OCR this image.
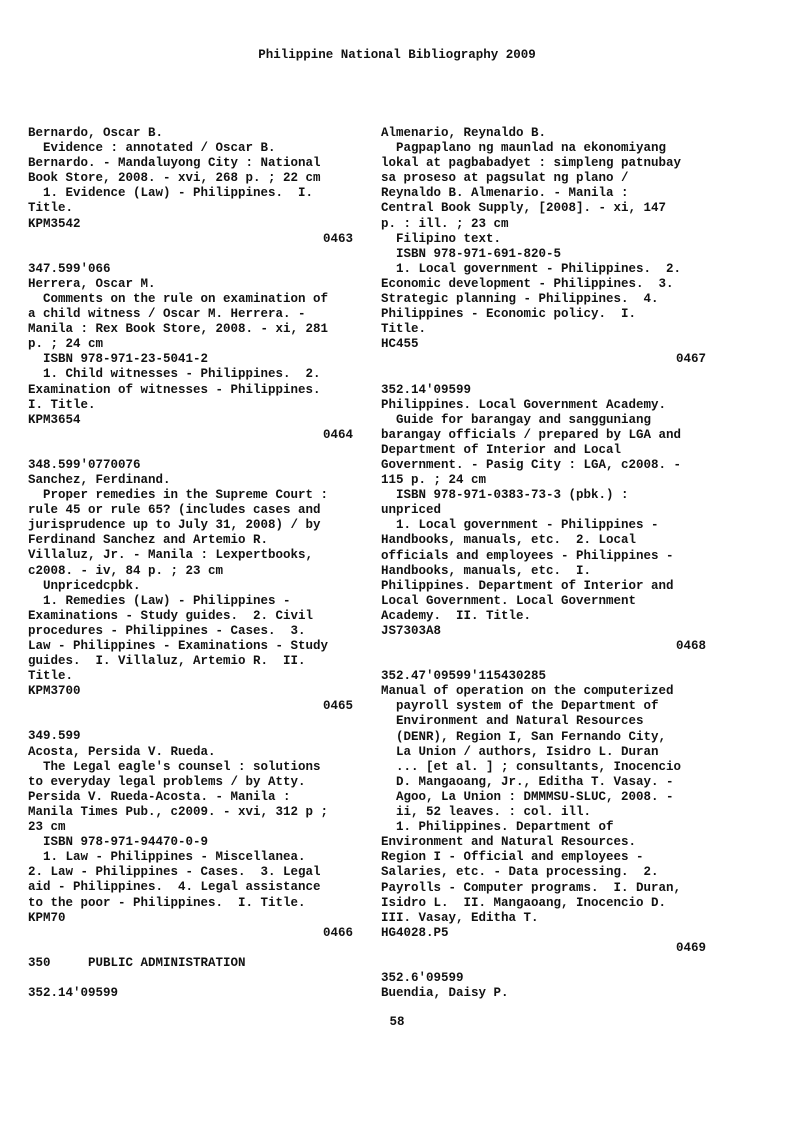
Philippine National Bibliography 2009
Bernardo, Oscar B.
Evidence : annotated / Oscar B.
Bernardo. - Mandaluyong City : National
Book Store, 2008. - xvi, 268 p. ; 22 cm
1. Evidence (Law) - Philippines.  I.
Title.
KPM3542
0463
347.599'066
Herrera, Oscar M.
Comments on the rule on examination of
a child witness / Oscar M. Herrera. -
Manila : Rex Book Store, 2008. - xi, 281
p. ; 24 cm
ISBN 978-971-23-5041-2
1. Child witnesses - Philippines.  2.
Examination of witnesses - Philippines.
I. Title.
KPM3654
0464
348.599'0770076
Sanchez, Ferdinand.
Proper remedies in the Supreme Court :
rule 45 or rule 65? (includes cases and
jurisprudence up to July 31, 2008) / by
Ferdinand Sanchez and Artemio R.
Villaluz, Jr. - Manila : Lexpertbooks,
c2008. - iv, 84 p. ; 23 cm
Unpricedcpbk.
1. Remedies (Law) - Philippines -
Examinations - Study guides.  2. Civil
procedures - Philippines - Cases.  3.
Law - Philippines - Examinations - Study
guides.  I. Villaluz, Artemio R.  II.
Title.
KPM3700
0465
349.599
Acosta, Persida V. Rueda.
The Legal eagle's counsel : solutions
to everyday legal problems / by Atty.
Persida V. Rueda-Acosta. - Manila :
Manila Times Pub., c2009. - xvi, 312 p ;
23 cm
ISBN 978-971-94470-0-9
1. Law - Philippines - Miscellanea.
2. Law - Philippines - Cases.  3. Legal
aid - Philippines.  4. Legal assistance
to the poor - Philippines.  I. Title.
KPM70
0466
350     PUBLIC ADMINISTRATION
352.14'09599
Almenario, Reynaldo B.
Pagpaplano ng maunlad na ekonomiyang
lokal at pagbabadyet : simpleng patnubay
sa proseso at pagsulat ng plano /
Reynaldo B. Almenario. - Manila :
Central Book Supply, [2008]. - xi, 147
p. : ill. ; 23 cm
Filipino text.
ISBN 978-971-691-820-5
1. Local government - Philippines.  2.
Economic development - Philippines.  3.
Strategic planning - Philippines.  4.
Philippines - Economic policy.  I.
Title.
HC455
0467
352.14'09599
Philippines. Local Government Academy.
Guide for barangay and sangguniang
barangay officials / prepared by LGA and
Department of Interior and Local
Government. - Pasig City : LGA, c2008. -
115 p. ; 24 cm
ISBN 978-971-0383-73-3 (pbk.) :
unpriced
1. Local government - Philippines -
Handbooks, manuals, etc.  2. Local
officials and employees - Philippines -
Handbooks, manuals, etc.  I.
Philippines. Department of Interior and
Local Government. Local Government
Academy.  II. Title.
JS7303A8
0468
352.47'09599'115430285
Manual of operation on the computerized
payroll system of the Department of
Environment and Natural Resources
(DENR), Region I, San Fernando City,
La Union / authors, Isidro L. Duran
... [et al. ] ; consultants, Inocencio
D. Mangaoang, Jr., Editha T. Vasay. -
Agoo, La Union : DMMMSU-SLUC, 2008. -
ii, 52 leaves. : col. ill.
1. Philippines. Department of
Environment and Natural Resources.
Region I - Official and employees -
Salaries, etc. - Data processing.  2.
Payrolls - Computer programs.  I. Duran,
Isidro L.  II. Mangaoang, Inocencio D.
III. Vasay, Editha T.
HG4028.P5
0469
352.6'09599
Buendia, Daisy P.
58
